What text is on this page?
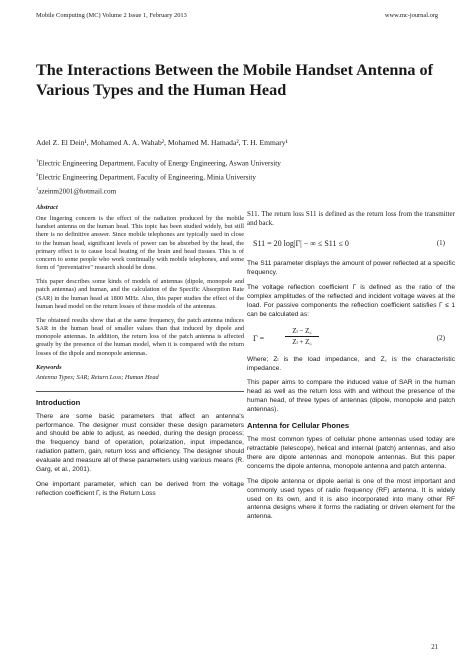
Mobile Computing (MC) Volume 2 Issue 1, February 2013	www.mc-journal.org
The Interactions Between the Mobile Handset Antenna of Various Types and the Human Head
Adel Z. El Dein¹, Mohamed A. A. Wahab², Mohamed M. Hamada², T. H. Emmary¹
$^1$Electric Engineering Department, Faculty of Energy Engineering, Aswan University
$^2$Electric Engineering Department, Faculty of Engineering, Minia University
$^1$azeinm2001@hotmail.com

Abstract

One lingering concern is the effect of the radiation produced by the mobile handset antenna on the human head. This topic has been studied widely, but still there is no definitive answer. Since mobile telephones are typically used in close to the human head, significant levels of power can be absorbed by the head, the primary effect is to cause local heating of the brain and head tissues. This is of concern to some people who work continually with mobile telephones, and some form of "preventative" research should be done.

This paper describes some kinds of models of antennas (dipole, monopole and patch antennas) and human, and the calculation of the Specific Absorption Rate (SAR) in the human head at 1800 MHz. Also, this paper studies the effect of the human head model on the return losses of these models of the antennas.

The obtained results show that at the same frequency, the patch antenna induces SAR in the human head of smaller values than that induced by dipole and monopole antennas. In addition, the return loss of the patch antenna is affected greatly by the presence of the human model, when it is compared with the return losses of the dipole and monopole antennas.

Keywords
Antenna Types; SAR; Return Loss; Human Head
Introduction

There are some basic parameters that affect an antenna's performance. The designer must consider these design parameters and should be able to adjust, as needed, during the design process; the frequency band of operation, polarization, input impedance, radiation pattern, gain, return loss and efficiency. The designer should evaluate and measure all of these parameters using various means (R. Garg, et al., 2001).

One important parameter, which can be derived from the voltage reflection coefficient Γ, is the Return Loss

S11. The return loss S11 is defined as the return loss from the transmitter and back.

S11 = 20 log|Γ| − ∞ ≤ S11 ≤ 0	(1)

The S11 parameter displays the amount of power reflected at a specific frequency.

The voltage reflection coefficient Γ is defined as the ratio of the complex amplitudes of the reflected and incident voltage waves at the load. For passive components the reflection coefficient satisfies Γ ≤ 1 can be calculated as:

Γ =	$\frac{\text{Zₗ − Z꜀}}{\text{Zₗ + Z꜀}}$	(2)

Where; Zₗ is the load impedance, and Z꜀ is the characteristic impedance.

This paper aims to compare the induced value of SAR in the human head as well as the return loss with and without the presence of the human head, of three types of antennas (dipole, monopole and patch antennas).

Antenna for Cellular Phones

The most common types of cellular phone antennas used today are retractable (telescope), helical and internal (patch) antennas, and also there are dipole antennas and monopole antennas. But this paper concerns the dipole antenna, monopole antenna and patch antenna.

The dipole antenna or dipole aerial is one of the most important and commonly used types of radio frequency (RF) antenna. It is widely used on its own, and it is also incorporated into many other RF antenna designs where it forms the radiating or driven element for the antenna.

21
